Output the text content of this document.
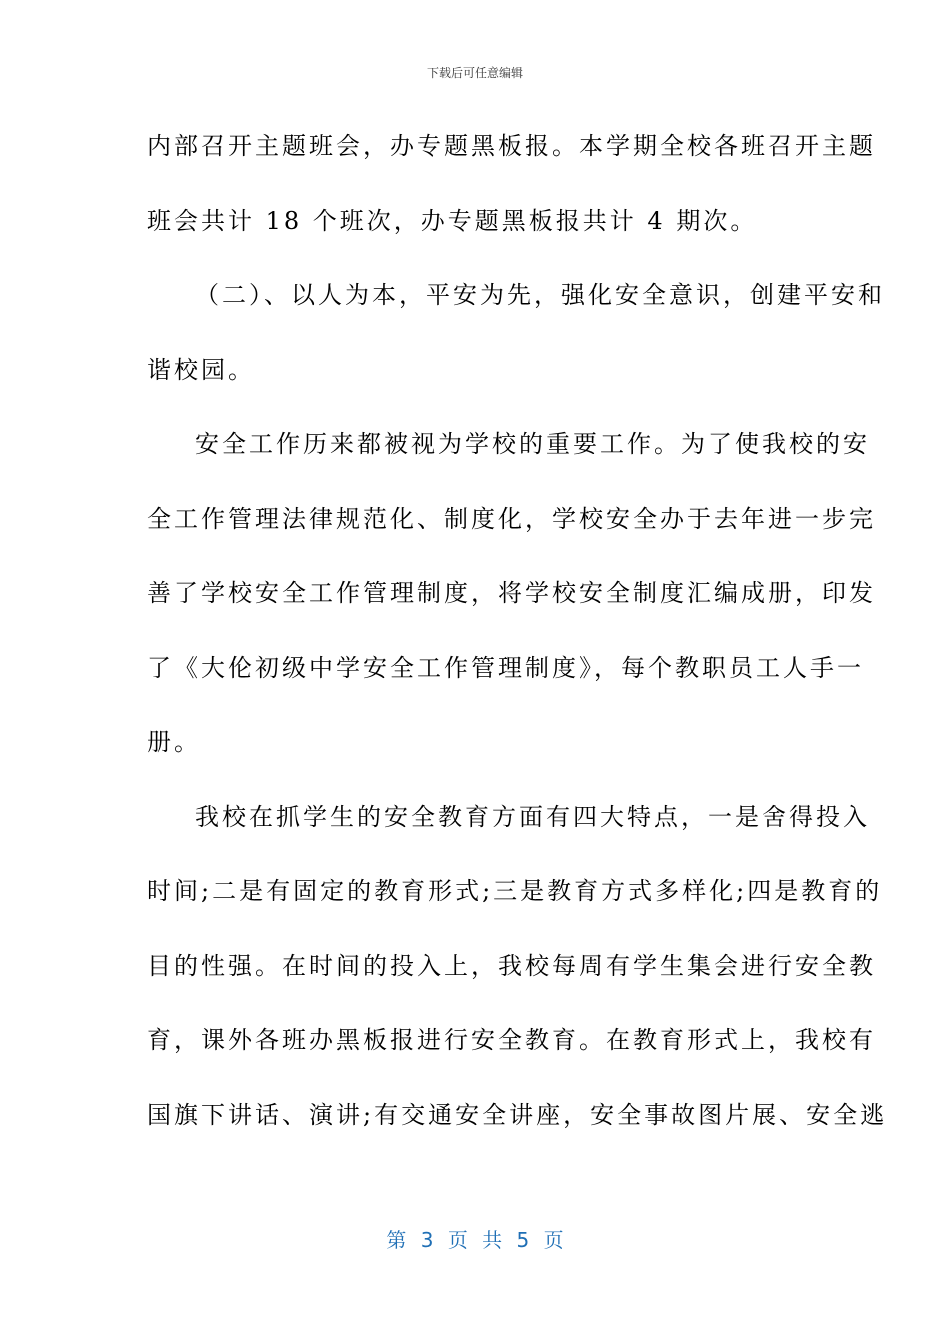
下载后可任意编辑
内部召开主题班会，办专题黑板报。本学期全校各班召开主题
班会共计 18 个班次，办专题黑板报共计 4 期次。
（二）、以人为本，平安为先，强化安全意识，创建平安和
谐校园。
安全工作历来都被视为学校的重要工作。为了使我校的安
全工作管理法律规范化、制度化，学校安全办于去年进一步完
善了学校安全工作管理制度，将学校安全制度汇编成册，印发
了《大伦初级中学安全工作管理制度》，每个教职员工人手一
册。
我校在抓学生的安全教育方面有四大特点，一是舍得投入
时间;二是有固定的教育形式;三是教育方式多样化;四是教育的
目的性强。在时间的投入上，我校每周有学生集会进行安全教
育，课外各班办黑板报进行安全教育。在教育形式上，我校有
国旗下讲话、演讲;有交通安全讲座，安全事故图片展、安全逃
第 3 页 共 5 页
